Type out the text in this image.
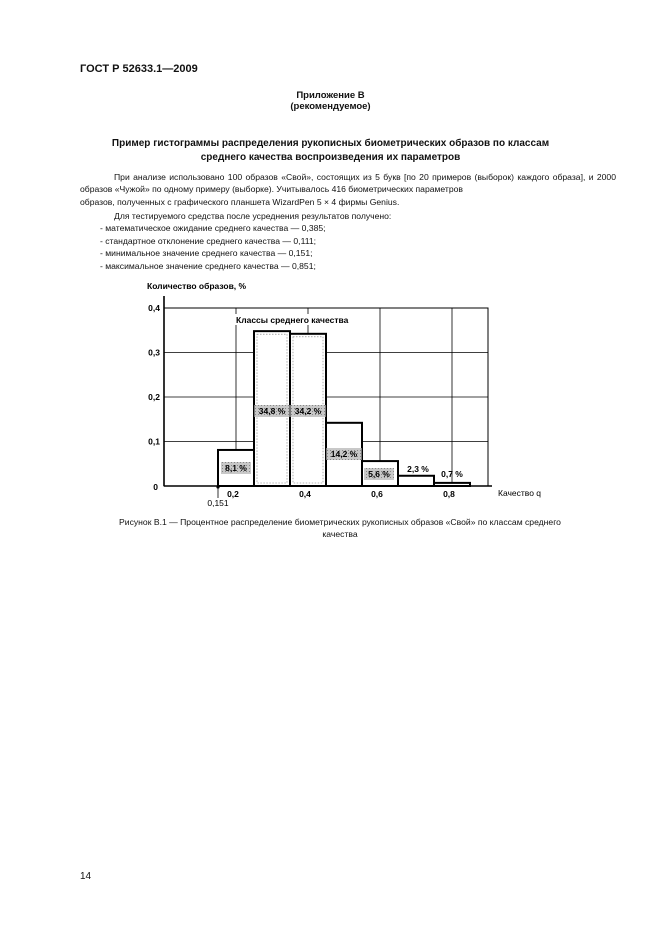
ГОСТ Р 52633.1—2009
Приложение В
(рекомендуемое)
Пример гистограммы распределения рукописных биометрических образов по классам
среднего качества воспроизведения их параметров
При анализе использовано 100 образов «Свой», состоящих из 5 букв [по 20 примеров (выборок) каждого образа], и 2000 образов «Чужой» по одному примеру (выборке). Учитывалось 416 биометрических параметров
образов, полученных с графического планшета WizardPen 5 × 4 фирмы Genius.
Для тестируемого средства после усреднения результатов получено:
- математическое ожидание среднего качества — 0,385;
- стандартное отклонение среднего качества — 0,111;
- минимальное значение среднего качества — 0,151;
- максимальное значение среднего качества — 0,851;
8,1 %
34,8 % 34,2 %
14,2 %
5,6 % 2,3 % 0,7 %
0,1
0,2
0,3
0,4
0,2	0,4	0,6	0,8
0
Количество образов, %
Качество q
Классы среднего качества
0,151
Рисунок В.1 — Процентное распределение биометрических рукописных образов «Свой» по классам среднего
качества
14
